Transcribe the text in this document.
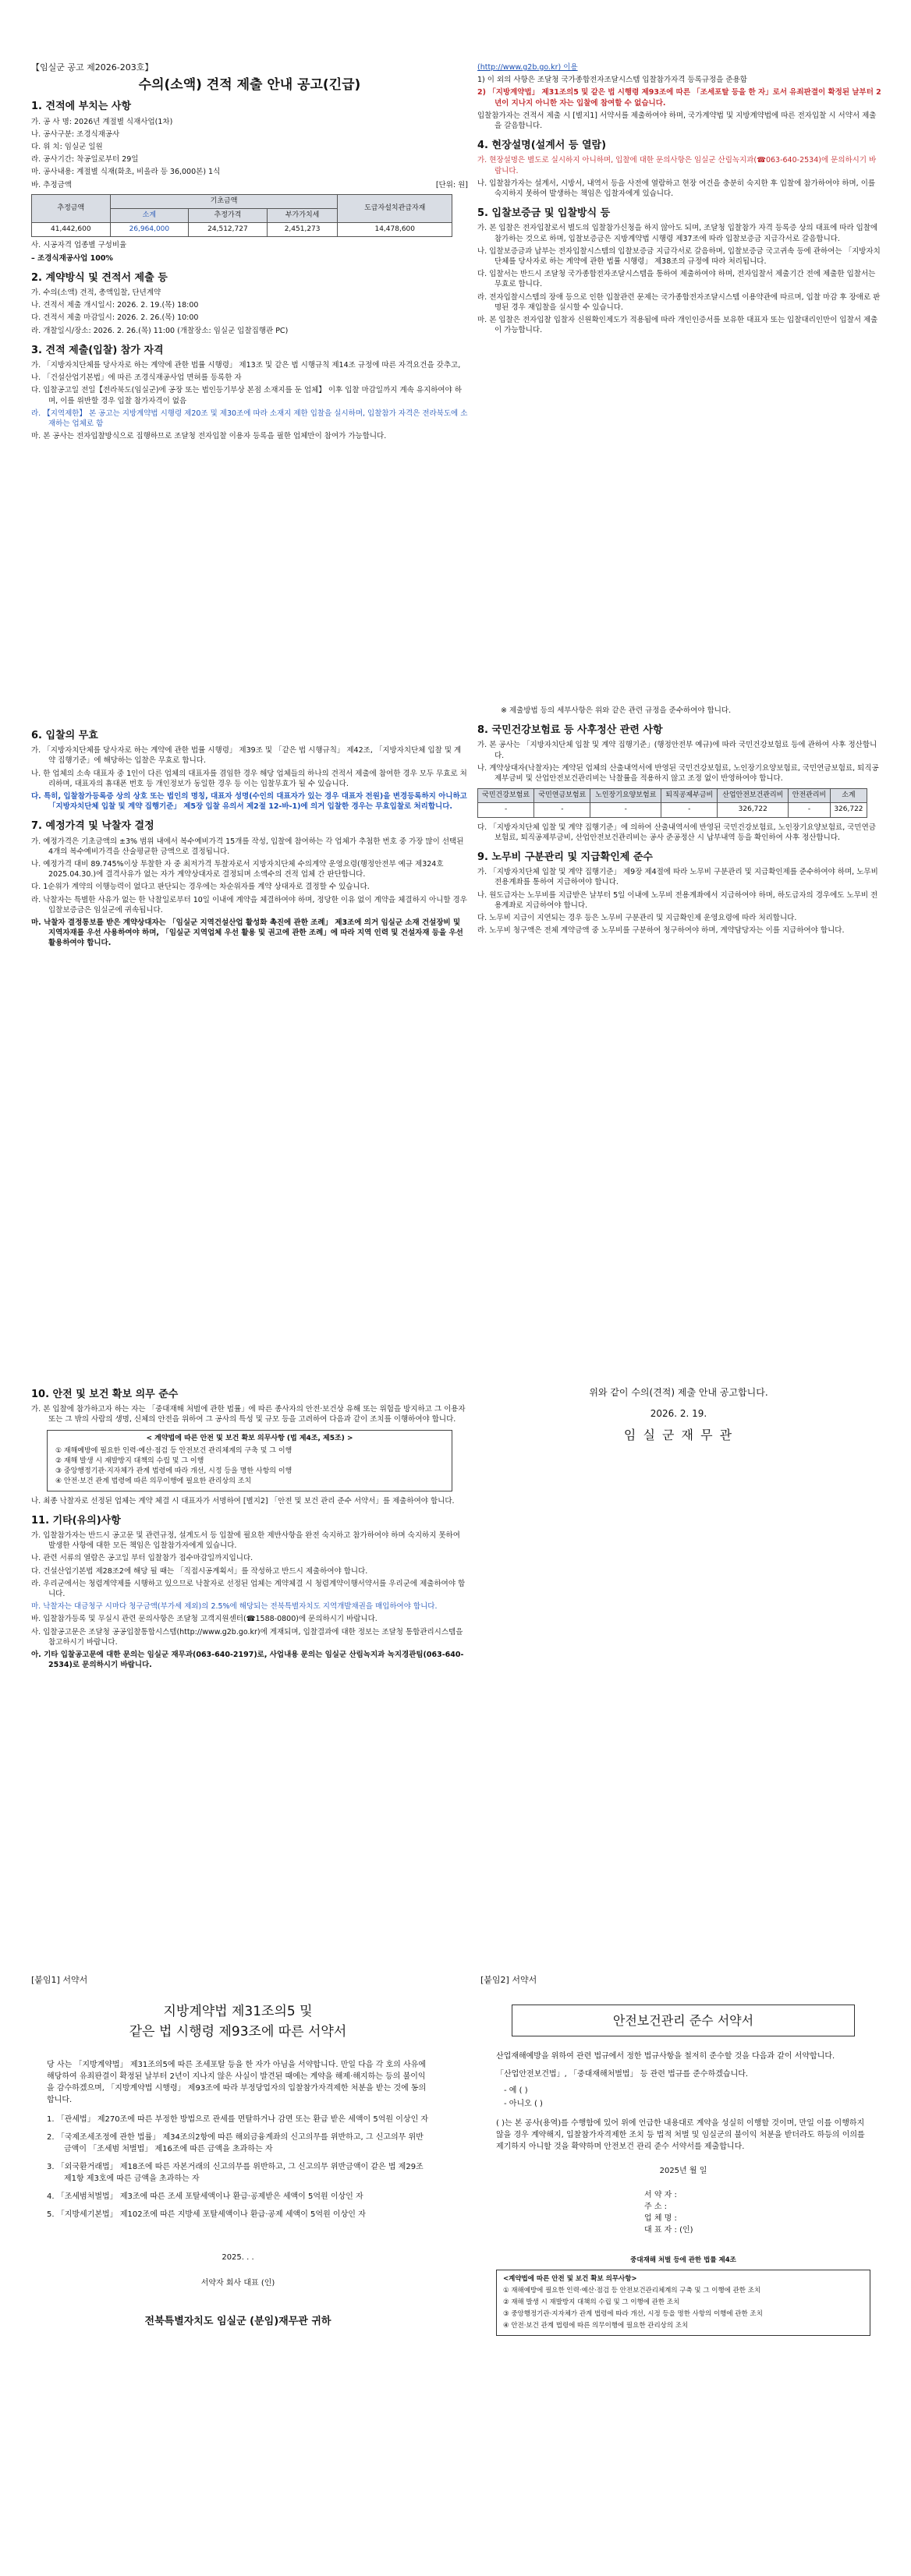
【임실군 공고 제2026-203호】
수의(소액) 견적 제출 안내 공고(긴급)
1. 견적에 부치는 사항

가. 공 사 명: 2026년 계절별 식재사업(1차)

나. 공사구분: 조경식재공사

다. 위 치: 임실군 일원

라. 공사기간: 착공일로부터 29일

마. 공사내용: 계절별 식재(화초, 비올라 등 36,000본) 1식

바. 추정금액	[단위: 원]
추정금액	기초금액			도급자설치관급자재
	소계	추정가격	부가가치세	
41,442,600	26,964,000	24,512,727	2,451,273	14,478,600

사. 시공자격 업종별 구성비율

– 조경식재공사업 100%

2. 계약방식 및 견적서 제출 등

가. 수의(소액) 견적, 총액입찰, 단년계약

나. 견적서 제출 개시일시: 2026. 2. 19.(목) 18:00

다. 견적서 제출 마감일시: 2026. 2. 26.(목) 10:00

라. 개찰일시/장소: 2026. 2. 26.(목) 11:00 (개찰장소: 임실군 입찰집행관 PC)

3. 견적 제출(입찰) 참가 자격

가. 「지방자치단체를 당사자로 하는 계약에 관한 법률 시행령」 제13조 및 같은 법 시행규칙 제14조 규정에 따른 자격요건을 갖추고,

나. 「건설산업기본법」에 따른 조경식재공사업 면허를 등록한 자

다. 입찰공고일 전일【전라북도(임실군)에 공장 또는 법인등기부상 본점 소재지를 둔 업체】 이후 입찰 마감일까지 계속 유지하여야 하며, 이를 위반할 경우 입찰 참가자격이 없음

라. 【지역제한】 본 공고는 지방계약법 시행령 제20조 및 제30조에 따라 소재지 제한 입찰을 실시하며, 입찰참가 자격은 전라북도에 소재하는 업체로 함

마. 본 공사는 전자입찰방식으로 집행하므로 조달청 전자입찰 이용자 등록을 필한 업체만이 참여가 가능합니다.

(http://www.g2b.go.kr) 이용

1) 이 외의 사항은 조달청 국가종합전자조달시스템 입찰참가자격 등록규정을 준용함

2) 「지방계약법」 제31조의5 및 같은 법 시행령 제93조에 따른 「조세포탈 등을 한 자」로서 유죄판결이 확정된 날부터 2년이 지나지 아니한 자는 입찰에 참여할 수 없습니다.

입찰참가자는 견적서 제출 시 [별지1] 서약서를 제출하여야 하며, 국가계약법 및 지방계약법에 따른 전자입찰 시 서약서 제출을 갈음합니다.

4. 현장설명(설계서 등 열람)

가. 현장설명은 별도로 실시하지 아니하며, 입찰에 대한 문의사항은 임실군 산림녹지과(☎063-640-2534)에 문의하시기 바랍니다.

나. 입찰참가자는 설계서, 시방서, 내역서 등을 사전에 열람하고 현장 여건을 충분히 숙지한 후 입찰에 참가하여야 하며, 이를 숙지하지 못하여 발생하는 책임은 입찰자에게 있습니다.

5. 입찰보증금 및 입찰방식 등

가. 본 입찰은 전자입찰로서 별도의 입찰참가신청을 하지 않아도 되며, 조달청 입찰참가 자격 등록증 상의 대표에 따라 입찰에 참가하는 것으로 하며, 입찰보증금은 지방계약법 시행령 제37조에 따라 입찰보증금 지급각서로 갈음합니다.

나. 입찰보증금과 납부는 전자입찰시스템의 입찰보증금 지급각서로 갈음하며, 입찰보증금 국고귀속 등에 관하여는 「지방자치단체를 당사자로 하는 계약에 관한 법률 시행령」 제38조의 규정에 따라 처리됩니다.

다. 입찰서는 반드시 조달청 국가종합전자조달시스템을 통하여 제출하여야 하며, 전자입찰서 제출기간 전에 제출한 입찰서는 무효로 합니다.

라. 전자입찰시스템의 장애 등으로 인한 입찰관련 문제는 국가종합전자조달시스템 이용약관에 따르며, 입찰 마감 후 장애로 판명된 경우 재입찰을 실시할 수 있습니다.

마. 본 입찰은 전자입찰 입찰자 신원확인제도가 적용됨에 따라 개인인증서를 보유한 대표자 또는 입찰대리인만이 입찰서 제출이 가능합니다.

6. 입찰의 무효

가. 「지방자치단체를 당사자로 하는 계약에 관한 법률 시행령」 제39조 및 「같은 법 시행규칙」 제42조, 「지방자치단체 입찰 및 계약 집행기준」에 해당하는 입찰은 무효로 합니다.

나. 한 업체의 소속 대표자 중 1인이 다른 업체의 대표자를 겸임한 경우 해당 업체들의 하나의 견적서 제출에 참여한 경우 모두 무효로 처리하며, 대표자의 휴대폰 번호 등 개인정보가 동일한 경우 등 이는 입찰무효가 될 수 있습니다.

다. 특히, 입찰참가등록증 상의 상호 또는 법인의 명칭, 대표자 성명(수인의 대표자가 있는 경우 대표자 전원)을 변경등록하지 아니하고 「지방자치단체 입찰 및 계약 집행기준」 제5장 입찰 유의서 제2절 12-바-1)에 의거 입찰한 경우는 무효입찰로 처리합니다.

7. 예정가격 및 낙찰자 결정

가. 예정가격은 기초금액의 ±3% 범위 내에서 복수예비가격 15개를 작성, 입찰에 참여하는 각 업체가 추첨한 번호 중 가장 많이 선택된 4개의 복수예비가격을 산술평균한 금액으로 결정됩니다.

나. 예정가격 대비 89.745%이상 투찰한 자 중 최저가격 투찰자로서 지방자치단체 수의계약 운영요령(행정안전부 예규 제324호 2025.04.30.)에 결격사유가 없는 자가 계약상대자로 결정되며 소액수의 견적 업체 간 판단합니다.

다. 1순위가 계약의 이행능력이 없다고 판단되는 경우에는 차순위자를 계약 상대자로 결정할 수 있습니다.

라. 낙찰자는 특별한 사유가 없는 한 낙찰일로부터 10일 이내에 계약을 체결하여야 하며, 정당한 이유 없이 계약을 체결하지 아니할 경우 입찰보증금은 임실군에 귀속됩니다.

마. 낙찰자 결정통보를 받은 계약상대자는 「임실군 지역건설산업 활성화 촉진에 관한 조례」 제3조에 의거 임실군 소재 건설장비 및 지역자재를 우선 사용하여야 하며, 「임실군 지역업체 우선 활용 및 권고에 관한 조례」에 따라 지역 인력 및 건설자재 등을 우선 활용하여야 합니다.

※ 제출방법 등의 세부사항은 위와 같은 관련 규정을 준수하여야 합니다.

8. 국민건강보험료 등 사후정산 관련 사항

가. 본 공사는 「지방자치단체 입찰 및 계약 집행기준」(행정안전부 예규)에 따라 국민건강보험료 등에 관하여 사후 정산합니다.

나. 계약상대자(낙찰자)는 계약된 업체의 산출내역서에 반영된 국민건강보험료, 노인장기요양보험료, 국민연금보험료, 퇴직공제부금비 및 산업안전보건관리비는 낙찰률을 적용하지 않고 조정 없이 반영하여야 합니다.

국민건강보험료	국민연금보험료	노인장기요양보험료	퇴직공제부금비	산업안전보건관리비	안전관리비	소계
-	-	-	-	326,722	-	326,722

다. 「지방자치단체 입찰 및 계약 집행기준」에 의하여 산출내역서에 반영된 국민건강보험료, 노인장기요양보험료, 국민연금보험료, 퇴직공제부금비, 산업안전보건관리비는 공사 준공정산 시 납부내역 등을 확인하여 사후 정산합니다.

9. 노무비 구분관리 및 지급확인제 준수

가. 「지방자치단체 입찰 및 계약 집행기준」 제9장 제4절에 따라 노무비 구분관리 및 지급확인제를 준수하여야 하며, 노무비 전용계좌를 통하여 지급하여야 합니다.

나. 원도급자는 노무비를 지급받은 날부터 5일 이내에 노무비 전용계좌에서 지급하여야 하며, 하도급자의 경우에도 노무비 전용계좌로 지급하여야 합니다.

다. 노무비 지급이 지연되는 경우 등은 노무비 구분관리 및 지급확인제 운영요령에 따라 처리합니다.

라. 노무비 청구액은 전체 계약금액 중 노무비를 구분하여 청구하여야 하며, 계약담당자는 이를 지급하여야 합니다.

10. 안전 및 보건 확보 의무 준수

가. 본 입찰에 참가하고자 하는 자는 「중대재해 처벌에 관한 법률」에 따른 종사자의 안전·보건상 유해 또는 위험을 방지하고 그 이용자 또는 그 밖의 사람의 생명, 신체의 안전을 위하여 그 공사의 특성 및 규모 등을 고려하여 다음과 같이 조치를 이행하여야 합니다.

< 계약법에 따른 안전 및 보건 확보 의무사항 (법 제4조, 제5조) >
① 재해예방에 필요한 인력·예산·점검 등 안전보건 관리체계의 구축 및 그 이행
② 재해 발생 시 재발방지 대책의 수립 및 그 이행
③ 중앙행정기관·지자체가 관계 법령에 따라 개선, 시정 등을 명한 사항의 이행
④ 안전·보건 관계 법령에 따른 의무이행에 필요한 관리상의 조치

나. 최종 낙찰자로 선정된 업체는 계약 체결 시 대표자가 서명하여 [별지2] 「안전 및 보건 관리 준수 서약서」를 제출하여야 합니다.

11. 기타(유의)사항

가. 입찰참가자는 반드시 공고문 및 관련규정, 설계도서 등 입찰에 필요한 제반사항을 완전 숙지하고 참가하여야 하며 숙지하지 못하여 발생한 사항에 대한 모든 책임은 입찰참가자에게 있습니다.

나. 관련 서류의 열람은 공고일 부터 입찰참가 접수마감일까지입니다.

다. 건설산업기본법 제28조2에 해당 될 때는 「직접시공계획서」를 작성하고 반드시 제출하여야 합니다.

라. 우리군에서는 청렴계약제를 시행하고 있으므로 낙찰자로 선정된 업체는 계약체결 시 청렴계약이행서약서를 우리군에 제출하여야 합니다.

마. 낙찰자는 대금청구 시마다 청구금액(부가세 제외)의 2.5%에 해당되는 전북특별자치도 지역개발채권을 매입하여야 합니다.

바. 입찰참가등록 및 무실시 관련 문의사항은 조달청 고객지원센터(☎1588-0800)에 문의하시기 바랍니다.

사. 입찰공고문은 조달청 공공입찰통합시스템(http://www.g2b.go.kr)에 게재되며, 입찰결과에 대한 정보는 조달청 통합관리시스템을 참고하시기 바랍니다.

아. 기타 입찰공고문에 대한 문의는 임실군 재무과(063-640-2197)로, 사업내용 문의는 임실군 산림녹지과 녹지경관팀(063-640-2534)로 문의하시기 바랍니다.

위와 같이 수의(견적) 제출 안내 공고합니다.
2026. 2. 19.
임 실 군 재 무 관
[붙임1] 서약서
지방계약법 제31조의5 및
같은 법 시행령 제93조에 따른 서약서

당 사는 「지방계약법」 제31조의5에 따른 조세포탈 등을 한 자가 아님을 서약합니다. 만일 다음 각 호의 사유에 해당하여 유죄판결이 확정된 날부터 2년이 지나지 않은 사실이 발견된 때에는 계약을 해제·해지하는 등의 불이익을 감수하겠으며, 「지방계약법 시행령」 제93조에 따라 부정당업자의 입찰참가자격제한 처분을 받는 것에 동의합니다.

1. 「관세법」 제270조에 따른 부정한 방법으로 관세를 면탈하거나 감면 또는 환급 받은 세액이 5억원 이상인 자

2. 「국제조세조정에 관한 법률」 제34조의2항에 따른 해외금융계좌의 신고의무를 위반하고, 그 신고의무 위반금액이 「조세범 처벌법」 제16조에 따른 금액을 초과하는 자

3. 「외국환거래법」 제18조에 따른 자본거래의 신고의무를 위반하고, 그 신고의무 위반금액이 같은 법 제29조 제1항 제3호에 따른 금액을 초과하는 자

4. 「조세범처벌법」 제3조에 따른 조세 포탈세액이나 환급·공제받은 세액이 5억원 이상인 자

5. 「지방세기본법」 제102조에 따른 지방세 포탈세액이나 환급·공제 세액이 5억원 이상인 자

2025. . .
서약자 회사 대표 (인)
전북특별자치도 임실군 (분임)재무관 귀하
[붙임2] 서약서
안전보건관리 준수 서약서

산업재해예방을 위하여 관련 법규에서 정한 법규사항을 철저히 준수할 것을 다음과 같이 서약합니다.

「산업안전보건법」, 「중대재해처벌법」 등 관련 법규를 준수하겠습니다.

- 예 ( )

- 아니오 ( )

( )는 본 공사(용역)를 수행함에 있어 위에 언급한 내용대로 계약을 성실히 이행할 것이며, 만일 이를 이행하지 않을 경우 계약해지, 입찰참가자격제한 조치 등 법적 처벌 및 임실군의 불이익 처분을 받더라도 하등의 이의를 제기하지 아니할 것을 확약하며 안전보건 관리 준수 서약서를 제출합니다.

2025년 월 일
서 약 자 :
주 소 :
업 체 명 :
대 표 자 : (인)
중대재해 처벌 등에 관한 법률 제4조
<계약법에 따른 안전 및 보건 확보 의무사항>
① 재해예방에 필요한 인력·예산·점검 등 안전보건관리체계의 구축 및 그 이행에 관한 조치
② 재해 발생 시 재발방지 대책의 수립 및 그 이행에 관한 조치
③ 중앙행정기관·지자체가 관계 법령에 따라 개선, 시정 등을 명한 사항의 이행에 관한 조치
④ 안전·보건 관계 법령에 따른 의무이행에 필요한 관리상의 조치
